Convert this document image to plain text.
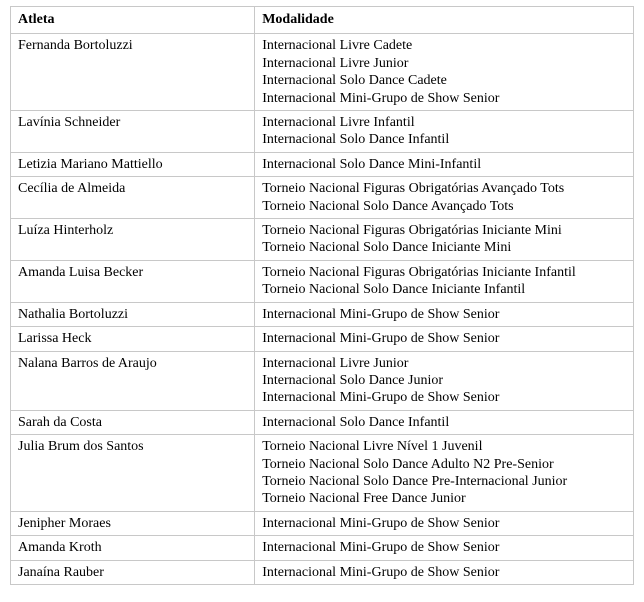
Atleta	Modalidade
Fernanda Bortoluzzi	Internacional Livre Cadete
Internacional Livre Junior
Internacional Solo Dance Cadete
Internacional Mini-Grupo de Show Senior

Lavínia Schneider	Internacional Livre Infantil
Internacional Solo Dance Infantil

Letizia Mariano Mattiello	Internacional Solo Dance Mini-Infantil

Cecília de Almeida	Torneio Nacional Figuras Obrigatórias Avançado Tots
Torneio Nacional Solo Dance Avançado Tots

Luíza Hinterholz	Torneio Nacional Figuras Obrigatórias Iniciante Mini
Torneio Nacional Solo Dance Iniciante Mini

Amanda Luisa Becker	Torneio Nacional Figuras Obrigatórias Iniciante Infantil
Torneio Nacional Solo Dance Iniciante Infantil

Nathalia Bortoluzzi	Internacional Mini-Grupo de Show Senior

Larissa Heck	Internacional Mini-Grupo de Show Senior

Nalana Barros de Araujo	Internacional Livre Junior
Internacional Solo Dance Junior
Internacional Mini-Grupo de Show Senior

Sarah da Costa	Internacional Solo Dance Infantil

Julia Brum dos Santos	Torneio Nacional Livre Nível 1 Juvenil
Torneio Nacional Solo Dance Adulto N2 Pre-Senior
Torneio Nacional Solo Dance Pre-Internacional Junior
Torneio Nacional Free Dance Junior

Jenipher Moraes	Internacional Mini-Grupo de Show Senior

Amanda Kroth	Internacional Mini-Grupo de Show Senior

Janaína Rauber	Internacional Mini-Grupo de Show Senior
